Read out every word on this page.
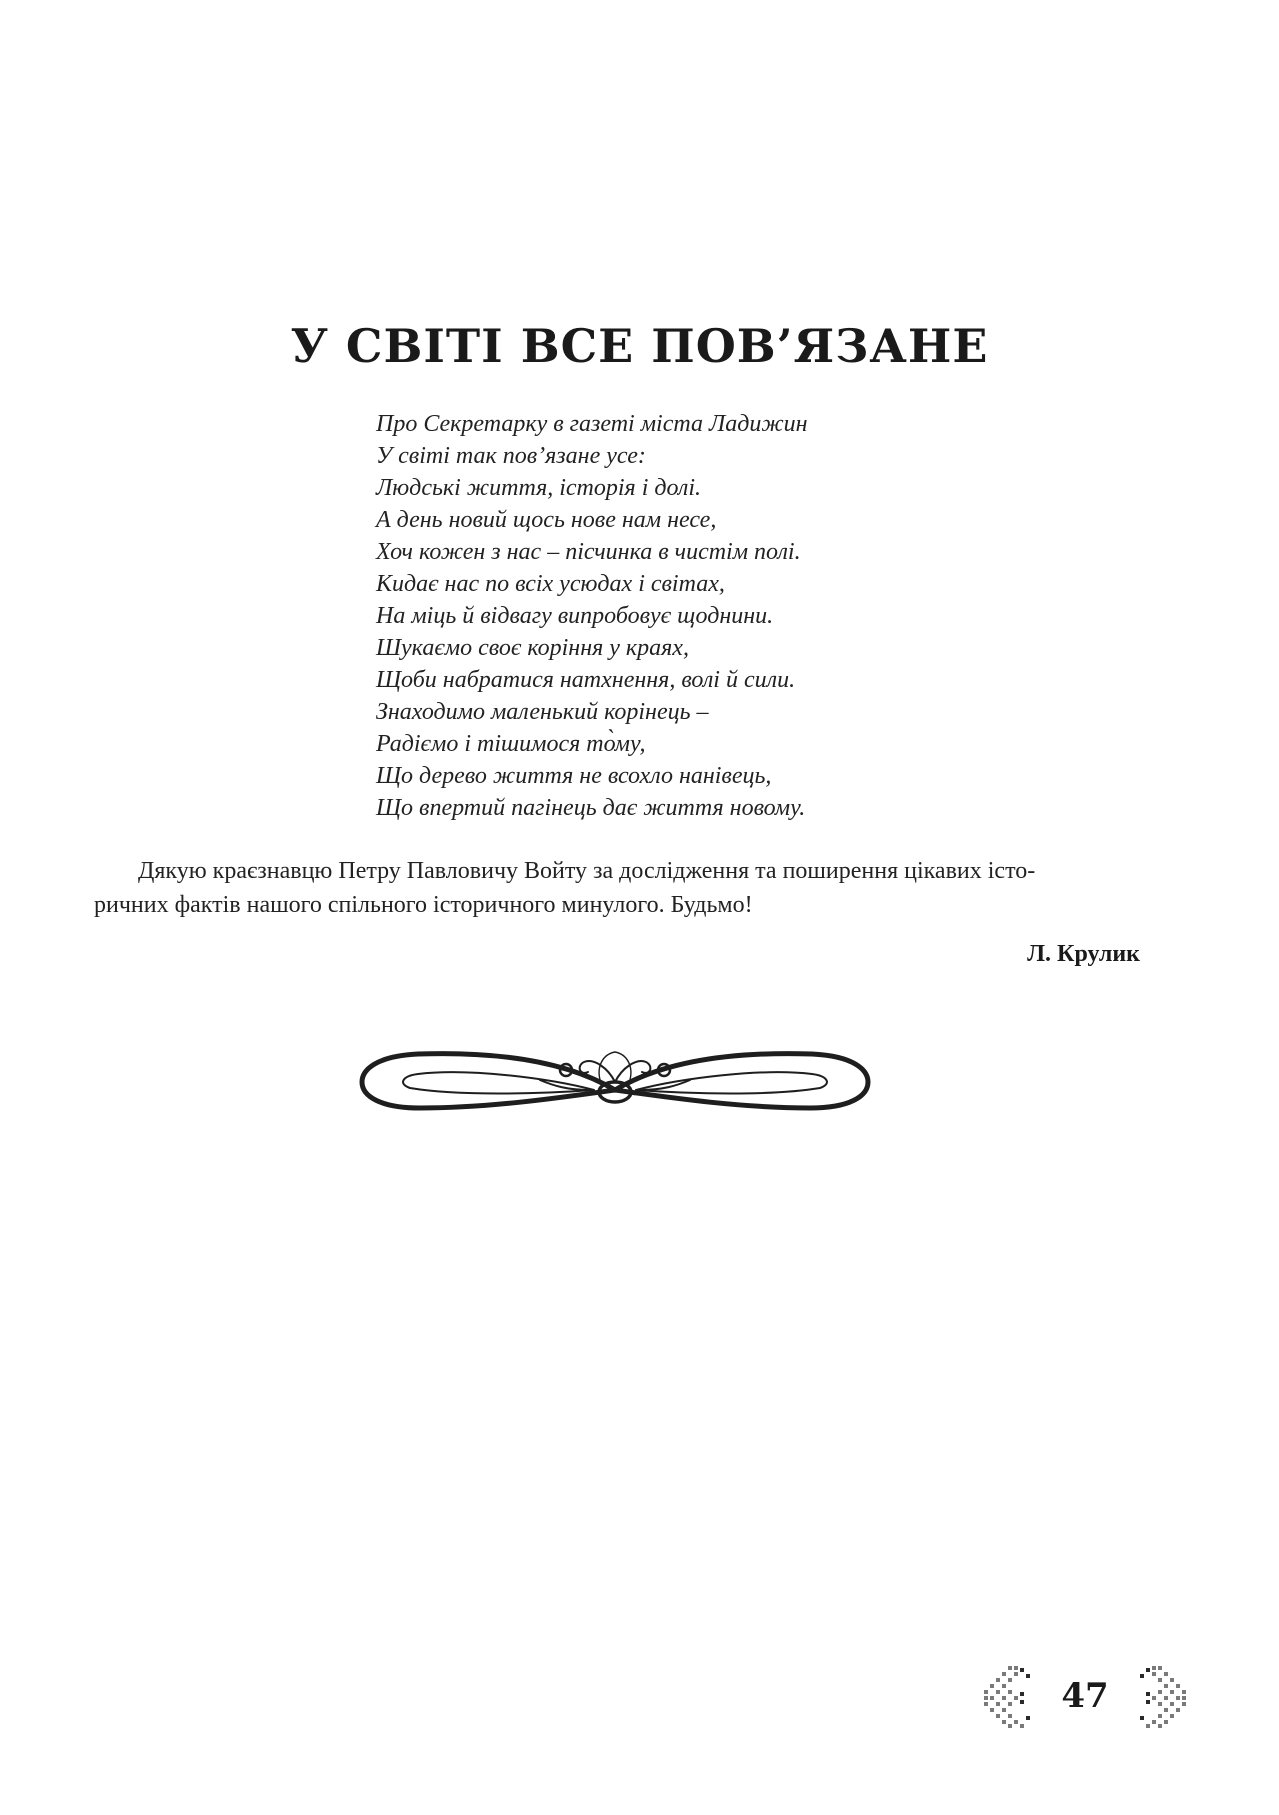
У СВІТІ ВСЕ ПОВ’ЯЗАНЕ
Про Секретарку в газеті міста Ладижин
У світі так пов’язане усе:
Людські життя, історія і долі.
А день новий щось нове нам несе,
Хоч кожен з нас – пісчинка в чистім полі.
Кидає нас по всіх усюдах і світах,
На міць й відвагу випробовує щоднини.
Шукаємо своє коріння у краях,
Щоби набратися натхнення, волі й сили.
Знаходимо маленький корінець –
Радіємо і тішимося то̀му,
Що дерево життя не всохло нанівець,
Що впертий пагінець дає життя новому.

Дякую краєзнавцю Петру Павловичу Войту за дослідження та поширення цікавих істо-
ричних фактів нашого спільного історичного минулого. Будьмо!

Л. Крулик

47
